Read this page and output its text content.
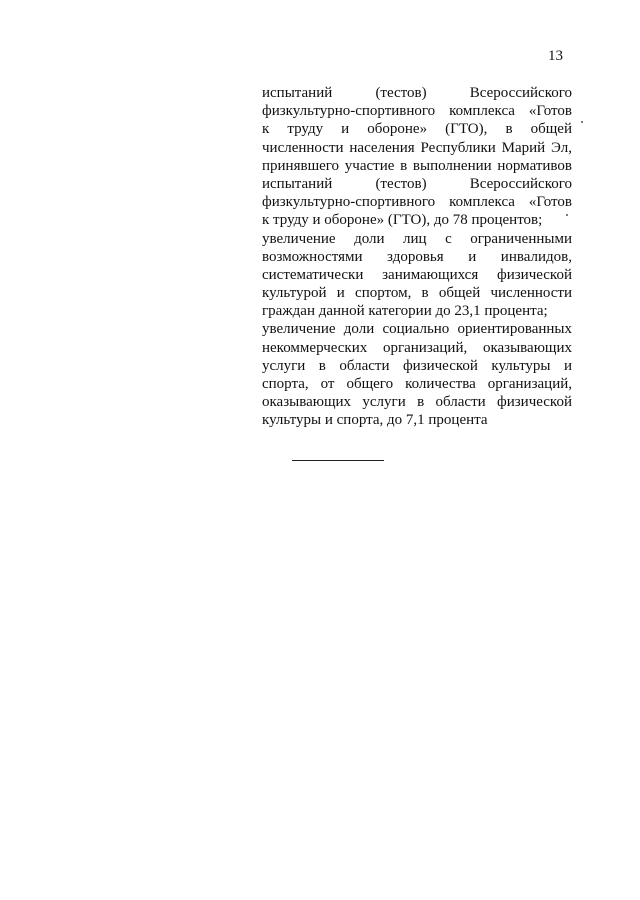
13
испытаний (тестов) Всероссийского
физкультурно-спортивного комплекса «Готов
к труду и обороне» (ГТО), в общей
численности населения Республики Марий Эл,
принявшего участие в выполнении нормативов
испытаний (тестов) Всероссийского
физкультурно-спортивного комплекса «Готов
к труду и обороне» (ГТО), до 78 процентов;
увеличение доли лиц с ограниченными
возможностями здоровья и инвалидов,
систематически занимающихся физической
культурой и спортом, в общей численности
граждан данной категории до 23,1 процента;
увеличение доли социально ориентированных
некоммерческих организаций, оказывающих
услуги в области физической культуры и
спорта, от общего количества организаций,
оказывающих услуги в области физической
культуры и спорта, до 7,1 процента
